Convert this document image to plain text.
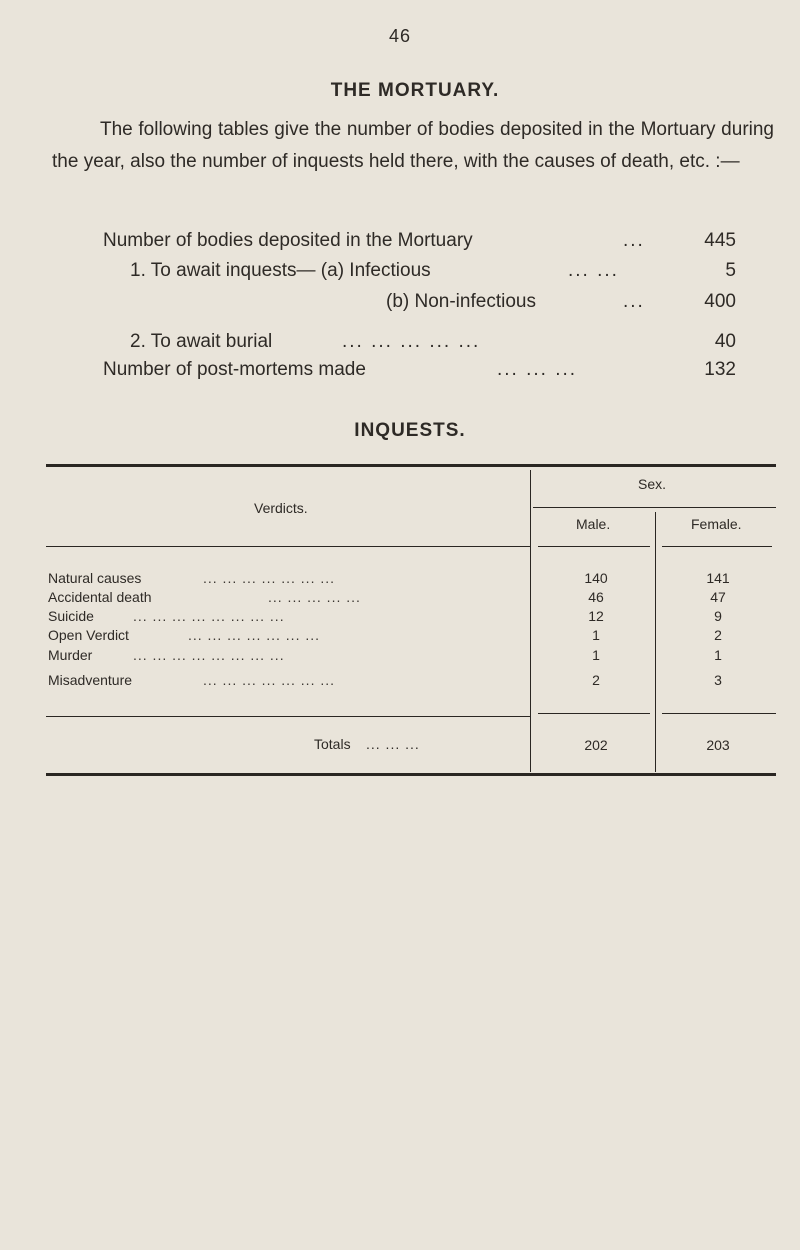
46
THE MORTUARY.
The following tables give the number of bodies deposited in the Mortuary during the year, also the number of inquests held there, with the causes of death, etc. :—
Number of bodies deposited in the Mortuary	...	445
1. To await inquests— (a) Infectious	... ...	5
(b) Non-infectious	...	400
2. To await burial	... ... ... ... ...	40
Number of post-mortems made	... ... ...	132
INQUESTS.
Verdicts.
Sex.
Male.	Female.
Natural causes	... ... ... ... ... ... ...	140	141
Accidental death	... ... ... ... ...	46	47
Suicide	... ... ... ... ... ... ... ...	12	9
Open Verdict	... ... ... ... ... ... ...	1	2
Murder	... ... ... ... ... ... ... ...	1	1
Misadventure	... ... ... ... ... ... ...	2	3
Totals ... ... ...	202	203
